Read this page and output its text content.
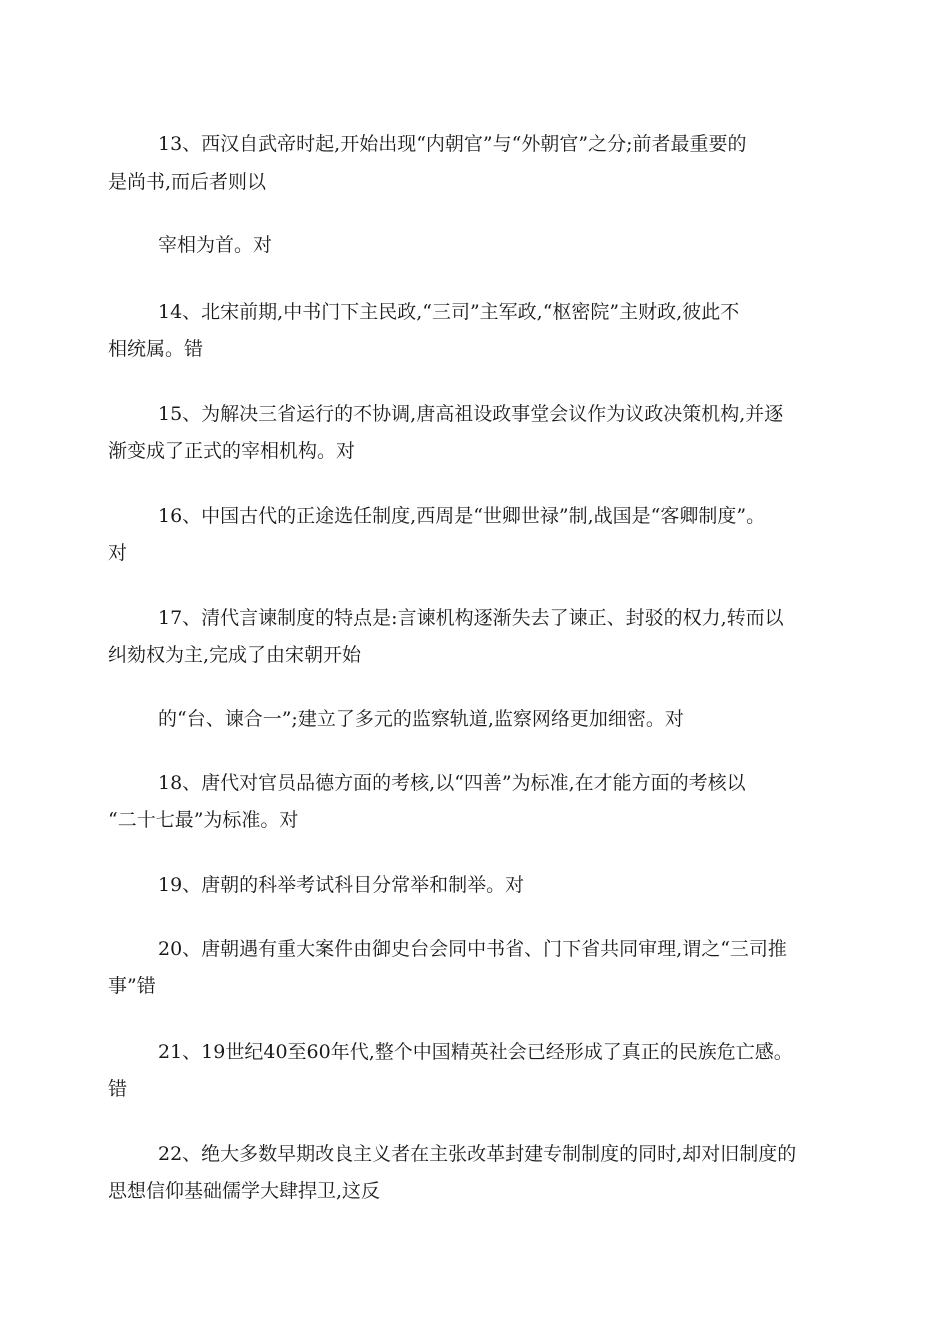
13、西汉自武帝时起,开始出现“内朝官”与“外朝官”之分;前者最重要的
是尚书,而后者则以
宰相为首。对
14、北宋前期,中书门下主民政,“三司”主军政,“枢密院”主财政,彼此不
相统属。错
15、为解决三省运行的不协调,唐高祖设政事堂会议作为议政决策机构,并逐
渐变成了正式的宰相机构。对
16、中国古代的正途选任制度,西周是“世卿世禄”制,战国是“客卿制度”。
对
17、清代言谏制度的特点是:言谏机构逐渐失去了谏正、封驳的权力,转而以
纠劾权为主,完成了由宋朝开始
的“台、谏合一”;建立了多元的监察轨道,监察网络更加细密。对
18、唐代对官员品德方面的考核,以“四善”为标准,在才能方面的考核以
“二十七最”为标准。对
19、唐朝的科举考试科目分常举和制举。对
20、唐朝遇有重大案件由御史台会同中书省、门下省共同审理,谓之“三司推
事”错
21、19世纪40至60年代,整个中国精英社会已经形成了真正的民族危亡感。
错
22、绝大多数早期改良主义者在主张改革封建专制制度的同时,却对旧制度的
思想信仰基础儒学大肆捍卫,这反
